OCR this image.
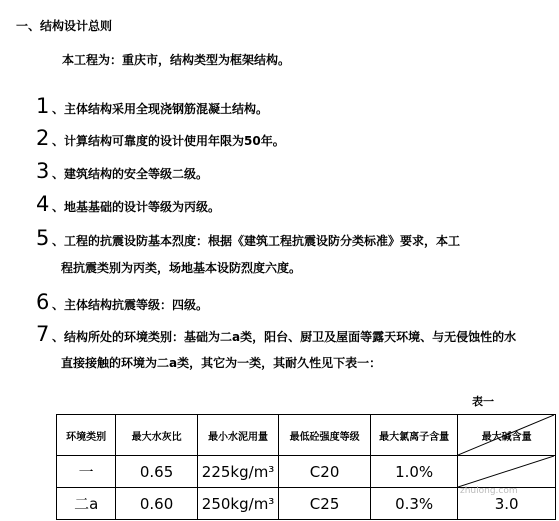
一、结构设计总则
本工程为：重庆市，结构类型为框架结构。
1 、主体结构采用全现浇钢筋混凝土结构。
2 、计算结构可靠度的设计使用年限为50年。
3 、建筑结构的安全等级二级。
4 、地基基础的设计等级为丙级。
5 、工程的抗震设防基本烈度：根据《建筑工程抗震设防分类标准》要求，本工
程抗震类别为丙类，场地基本设防烈度六度。
6 、主体结构抗震等级：四级。
7 、结构所处的环境类别：基础为二a类，阳台、厨卫及屋面等露天环境、与无侵蚀性的水
直接接触的环境为二a类，其它为一类，其耐久性见下表一：
表一
环境类别	最大水灰比	最小水泥用量	最低砼强度等级	最大氯离子含量	最大碱含量
一	0.65	225kg/m³	C20	1.0%	

二a	0.60	250kg/m³	C25	0.3%	3.0
zhulong.com
